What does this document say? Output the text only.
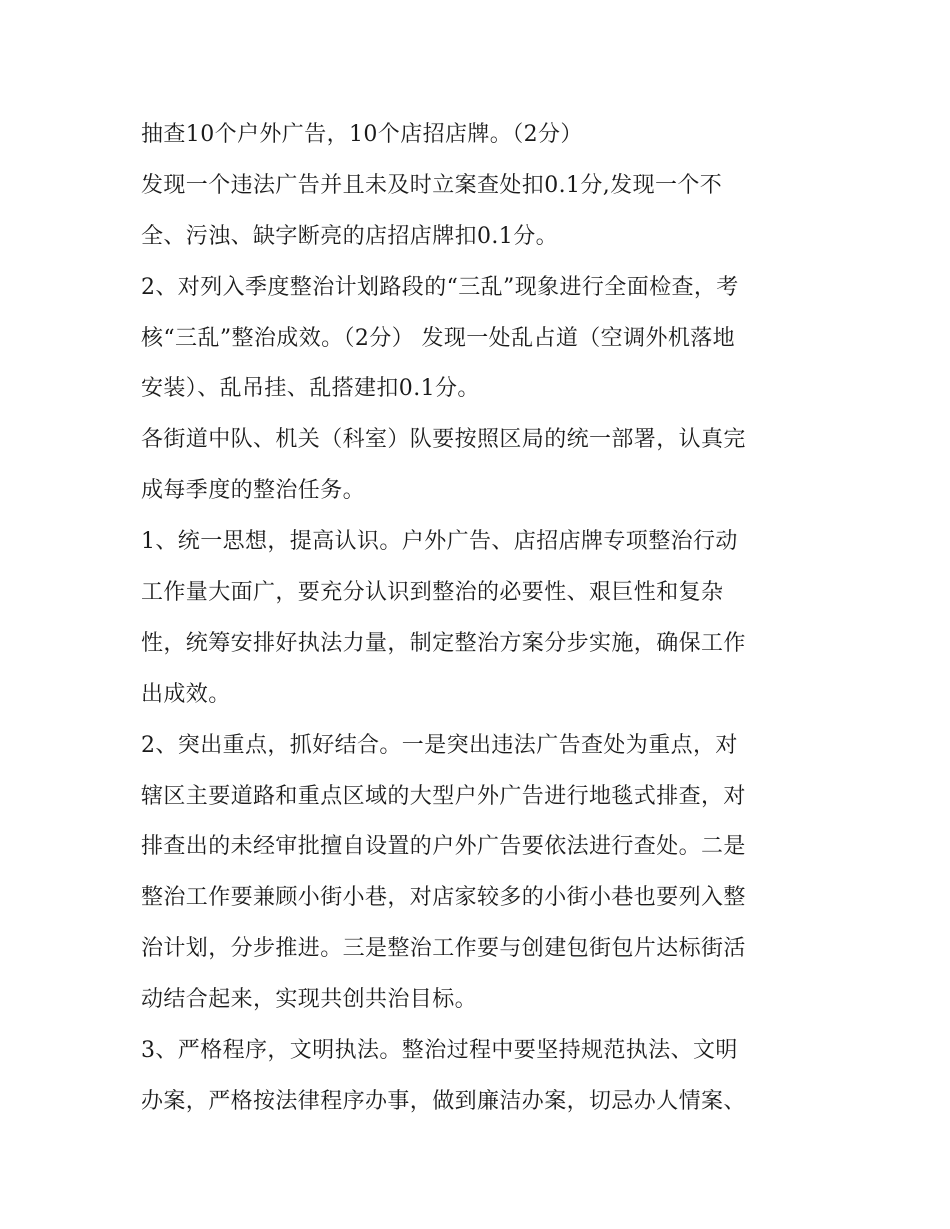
抽查10个户外广告，10个店招店牌。（2分）
发现一个违法广告并且未及时立案查处扣0.1分,发现一个不
全、污浊、缺字断亮的店招店牌扣0.1分。
2、对列入季度整治计划路段的“三乱”现象进行全面检查，考
核“三乱”整治成效。（2分） 发现一处乱占道（空调外机落地
安装）、乱吊挂、乱搭建扣0.1分。
各街道中队、机关（科室）队要按照区局的统一部署，认真完
成每季度的整治任务。
1、统一思想，提高认识。户外广告、店招店牌专项整治行动
工作量大面广，要充分认识到整治的必要性、艰巨性和复杂
性，统筹安排好执法力量，制定整治方案分步实施，确保工作
出成效。
2、突出重点，抓好结合。一是突出违法广告查处为重点，对
辖区主要道路和重点区域的大型户外广告进行地毯式排查，对
排查出的未经审批擅自设置的户外广告要依法进行查处。二是
整治工作要兼顾小街小巷，对店家较多的小街小巷也要列入整
治计划，分步推进。三是整治工作要与创建包街包片达标街活
动结合起来，实现共创共治目标。
3、严格程序，文明执法。整治过程中要坚持规范执法、文明
办案，严格按法律程序办事，做到廉洁办案，切忌办人情案、
